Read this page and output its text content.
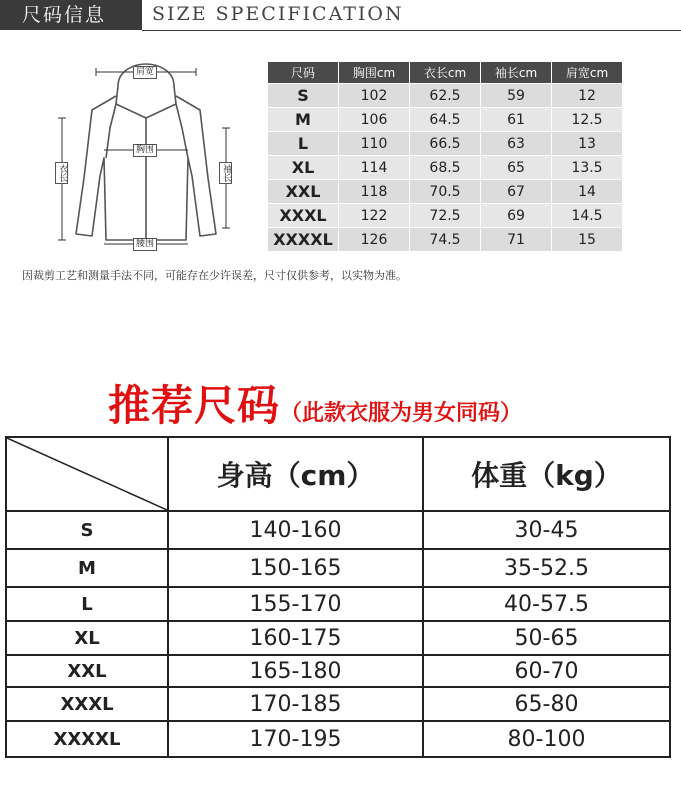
尺码信息	SIZE SPECIFICATION
肩宽
胸围
腰围
衣长	袖长
尺码	胸围cm	衣长cm	袖长cm	肩宽cm
S	102	62.5	59	12
M	106	64.5	61	12.5
L	110	66.5	63	13
XL	114	68.5	65	13.5
XXL	118	70.5	67	14
XXXL	122	72.5	69	14.5
XXXXL	126	74.5	71	15
因裁剪工艺和测量手法不同，可能存在少许误差，尺寸仅供参考，以实物为准。
推荐尺码（此款衣服为男女同码）
	身高（cm）	体重（kg）
S	140-160	30-45
M	150-165	35-52.5
L	155-170	40-57.5
XL	160-175	50-65
XXL	165-180	60-70
XXXL	170-185	65-80
XXXXL	170-195	80-100
